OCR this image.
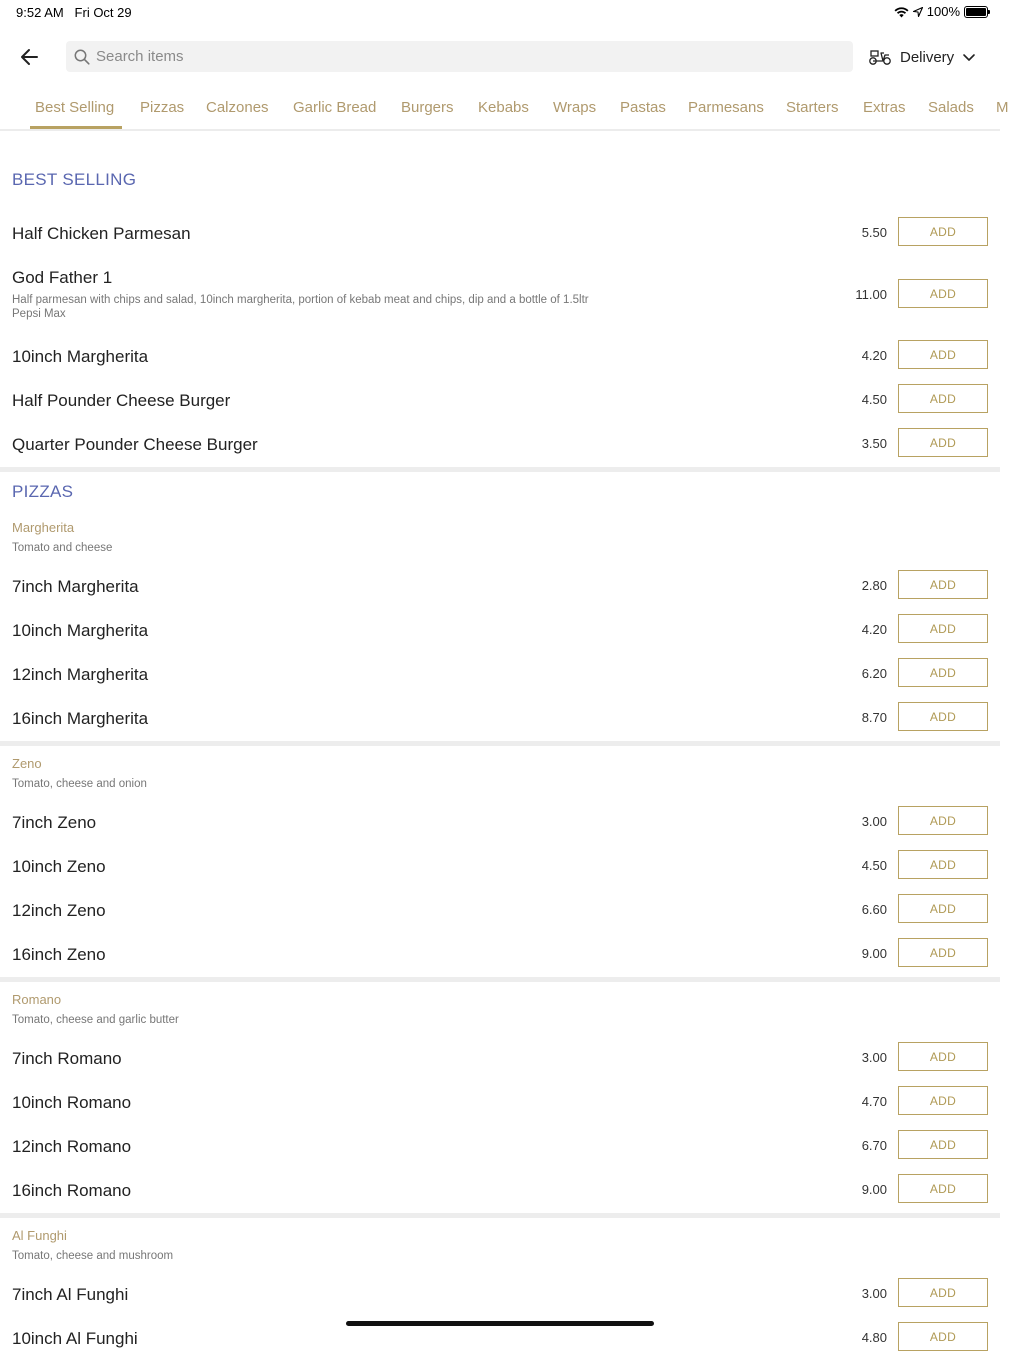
9:52 AM Fri Oct 29	100%
Search items
Delivery
Best Selling Pizzas Calzones Garlic Bread Burgers Kebabs Wraps Pastas Parmesans Starters Extras Salads M
BEST SELLING
Half Chicken Parmesan	5.50	ADD
God Father 1
Half parmesan with chips and salad, 10inch margherita, portion of kebab meat and chips, dip and a bottle of 1.5ltr Pepsi Max
11.00	ADD
10inch Margherita	4.20	ADD
Half Pounder Cheese Burger	4.50	ADD
Quarter Pounder Cheese Burger	3.50	ADD
PIZZAS
Margherita
Tomato and cheese
7inch Margherita	2.80	ADD
10inch Margherita	4.20	ADD
12inch Margherita	6.20	ADD
16inch Margherita	8.70	ADD
Zeno
Tomato, cheese and onion
7inch Zeno	3.00	ADD
10inch Zeno	4.50	ADD
12inch Zeno	6.60	ADD
16inch Zeno	9.00	ADD
Romano
Tomato, cheese and garlic butter
7inch Romano	3.00	ADD
10inch Romano	4.70	ADD
12inch Romano	6.70	ADD
16inch Romano	9.00	ADD
Al Funghi
Tomato, cheese and mushroom
7inch Al Funghi	3.00	ADD
10inch Al Funghi	4.80	ADD
